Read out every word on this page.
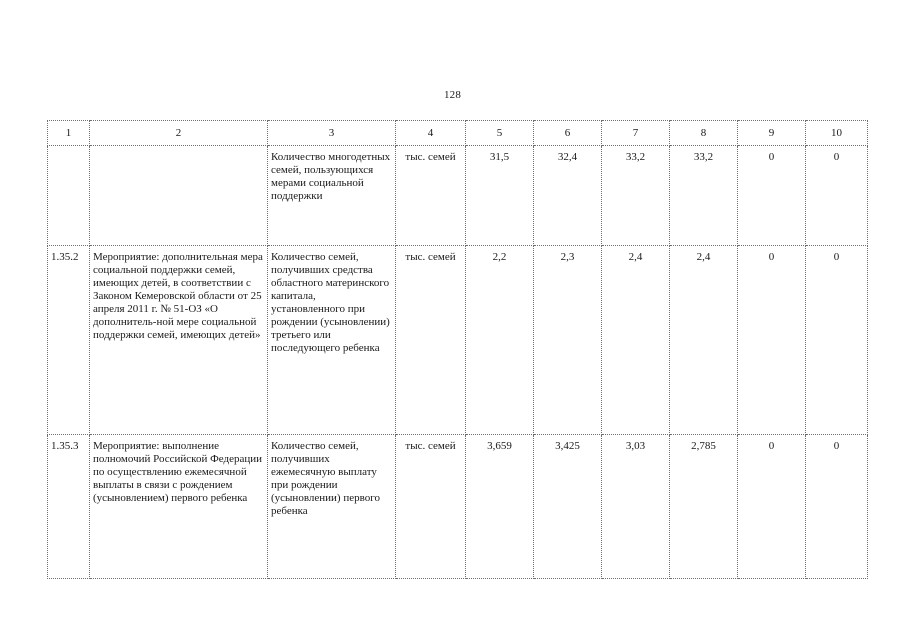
128
1	2	3	4	5	6	7	8	9	10
		Количество многодетных семей, пользующихся мерами социальной поддержки	тыс. семей	31,5	32,4	33,2	33,2	0	0
1.35.2	Мероприятие: дополнительная мера социальной поддержки семей, имеющих детей, в соответствии с Законом Кемеровской области от 25 апреля 2011 г. № 51-ОЗ «О дополнитель-ной мере социальной поддержки семей, имеющих детей»	Количество семей, получивших средства областного материнского капитала, установленного при рождении (усыновлении) третьего или последующего ребенка	тыс. семей	2,2	2,3	2,4	2,4	0	0
1.35.3	Мероприятие: выполнение полномочий Российской Федерации по осуществлению ежемесячной выплаты в связи с рождением (усыновлением) первого ребенка	Количество семей, получивших ежемесячную выплату при рождении (усыновлении) первого ребенка	тыс. семей	3,659	3,425	3,03	2,785	0	0
